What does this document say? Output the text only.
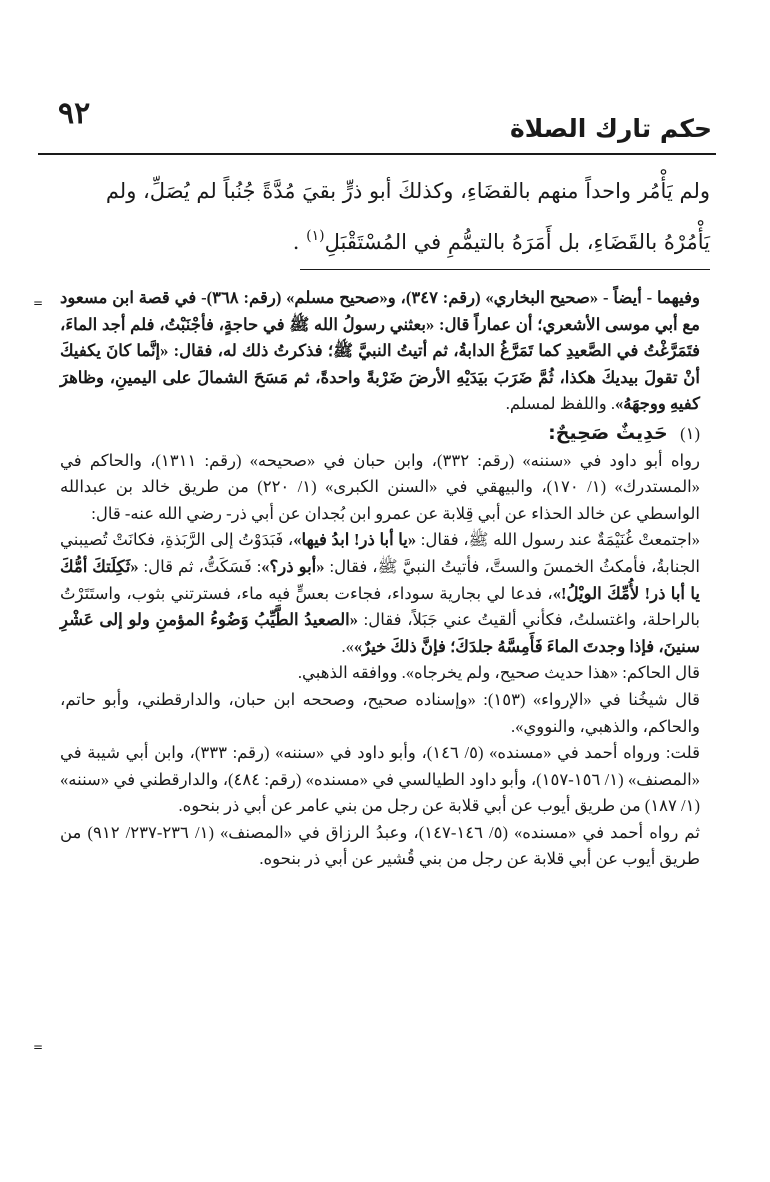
٩٢	حكم تارك الصلاة

ولم يَأْمُر واحداً منهم بالقضَاءِ، وكذلكَ أبو ذرٍّ بقيَ مُدَّةً جُنُباً لم يُصَلِّ، ولم

يَأْمُرْهُ بالقَضَاءِ، بل أَمَرَهُ بالتيمُّمِ في المُسْتَقْبَلِ$^{(١)}$ .

=
=

وفيهما - أيضاً - «صحيح البخاري» (رقم: ٣٤٧)، و«صحيح مسلم» (رقم: ٣٦٨)- في قصة ابن مسعود مع أبي موسى الأشعري؛ أن عماراً قال: «بعثني رسولُ الله ﷺ في حاجةٍ، فأجْنَبْتُ، فلم أجد الماءَ، فتَمَرَّغْتُ في الصَّعيدِ كما تَمَرَّغُ الدابةُ، ثم أتيتُ النبيَّ ﷺ؛ فذكرتُ ذلك له، فقال: «إنَّما كانَ يكفيكَ أنْ تقولَ بيديكَ هكذا، ثُمَّ ضَرَبَ بيَدَيْهِ الأرضَ ضَرْبةً واحدةً، ثم مَسَحَ الشمالَ على اليمينِ، وظاهرَ كفيهِ ووجهَهُ». واللفظ لمسلم.

(١)   حَدِيثٌ صَحِيحٌ:

رواه أبو داود في «سننه» (رقم: ٣٣٢)، وابن حبان في «صحيحه» (رقم: ١٣١١)، والحاكم في «المستدرك» (١/ ١٧٠)، والبيهقي في «السنن الكبرى» (١/ ٢٢٠) من طريق خالد بن عبدالله الواسطي عن خالد الحذاء عن أبي قِلابة عن عمرو ابن بُجدان عن أبي ذر- رضي الله عنه- قال:

«اجتمعتْ غُنَيْمَةٌ عند رسول الله ﷺ، فقال: «يا أبا ذر! ابدُ فيها»، فَبَدَوْتُ إلى الرَّبَذةِ، فكانَتْ تُصيبني الجنابةُ، فأمكثُ الخمسَ والستَّ، فأتيتُ النبيَّ ﷺ، فقال: «أبو ذر؟»: فَسَكَتُّ، ثم قال: «ثَكِلَتكَ أمُّكَ يا أبا ذر! لأُمِّكَ الويْلُ!»، فدعا لي بجارية سوداء، فجاءت بعسٍّ فيه ماء، فسترتني بثوب، واستَتَرْتُ بالراحلة، واغتسلتُ، فكأني ألقيتُ عني جَبَلاً، فقال: «الصعيدُ الطَّيِّبُ وَضُوءُ المؤمنِ ولو إلى عَشْرِ سنينَ، فإذا وجدتَ الماءَ فَأَمِسَّهُ جلدَكَ؛ فإنَّ ذلكَ خيرٌ»».

قال الحاكم: «هذا حديث صحيح، ولم يخرجاه». ووافقه الذهبي.

قال شيخُنا في «الإرواء» (١٥٣): «وإسناده صحيح، وصححه ابن حبان، والدارقطني، وأبو حاتم، والحاكم، والذهبي، والنووي».

قلت: ورواه أحمد في «مسنده» (٥/ ١٤٦)، وأبو داود في «سننه» (رقم: ٣٣٣)، وابن أبي شيبة في «المصنف» (١/ ١٥٦-١٥٧)، وأبو داود الطيالسي في «مسنده» (رقم: ٤٨٤)، والدارقطني في «سننه» (١/ ١٨٧) من طريق أيوب عن أبي قلابة عن رجل من بني عامر عن أبي ذر بنحوه.

ثم رواه أحمد في «مسنده» (٥/ ١٤٦-١٤٧)، وعبدُ الرزاق في «المصنف» (١/ ٢٣٦-٢٣٧/ ٩١٢) من طريق أيوب عن أبي قلابة عن رجل من بني قُشير عن أبي ذر بنحوه.
